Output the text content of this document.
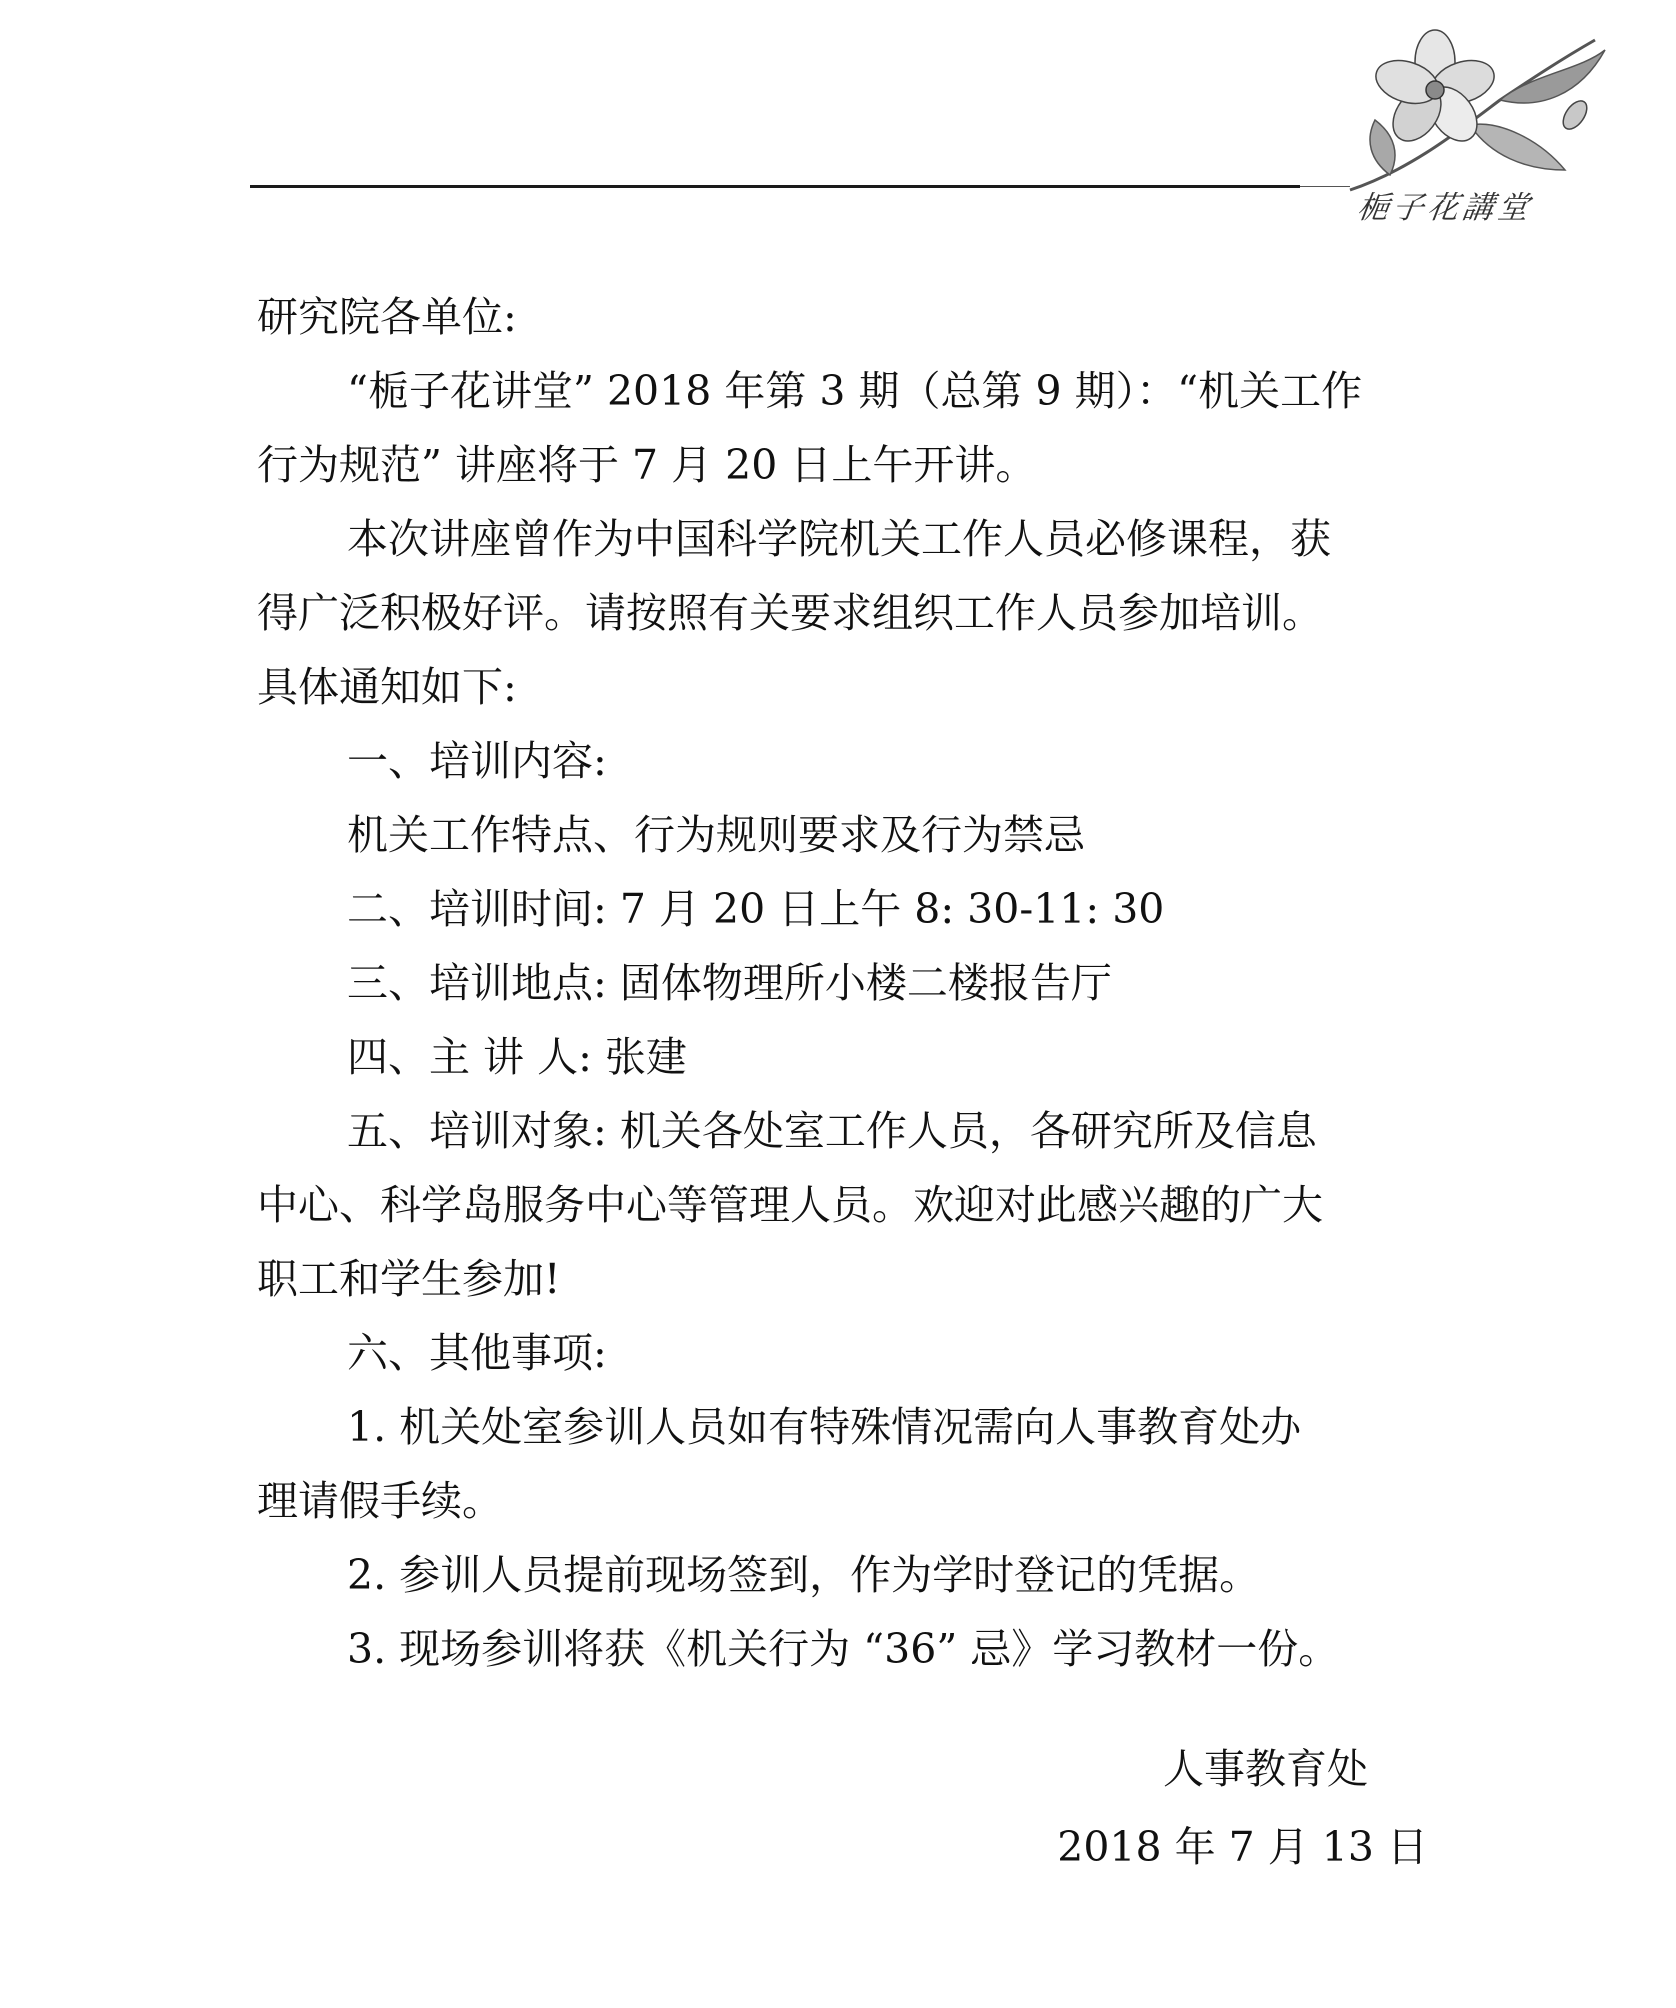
梔子花講堂
研究院各单位:
“栀子花讲堂” 2018 年第 3 期（总第 9 期）：“机关工作
行为规范” 讲座将于 7 月 20 日上午开讲。
本次讲座曾作为中国科学院机关工作人员必修课程，获
得广泛积极好评。请按照有关要求组织工作人员参加培训。
具体通知如下:
一、培训内容:
机关工作特点、行为规则要求及行为禁忌
二、培训时间: 7 月 20 日上午 8: 30-11: 30
三、培训地点: 固体物理所小楼二楼报告厅
四、主 讲 人: 张建
五、培训对象: 机关各处室工作人员，各研究所及信息
中心、科学岛服务中心等管理人员。欢迎对此感兴趣的广大
职工和学生参加!
六、其他事项:
1. 机关处室参训人员如有特殊情况需向人事教育处办
理请假手续。
2. 参训人员提前现场签到，作为学时登记的凭据。
3. 现场参训将获《机关行为 “36” 忌》学习教材一份。
人事教育处
2018 年 7 月 13 日
